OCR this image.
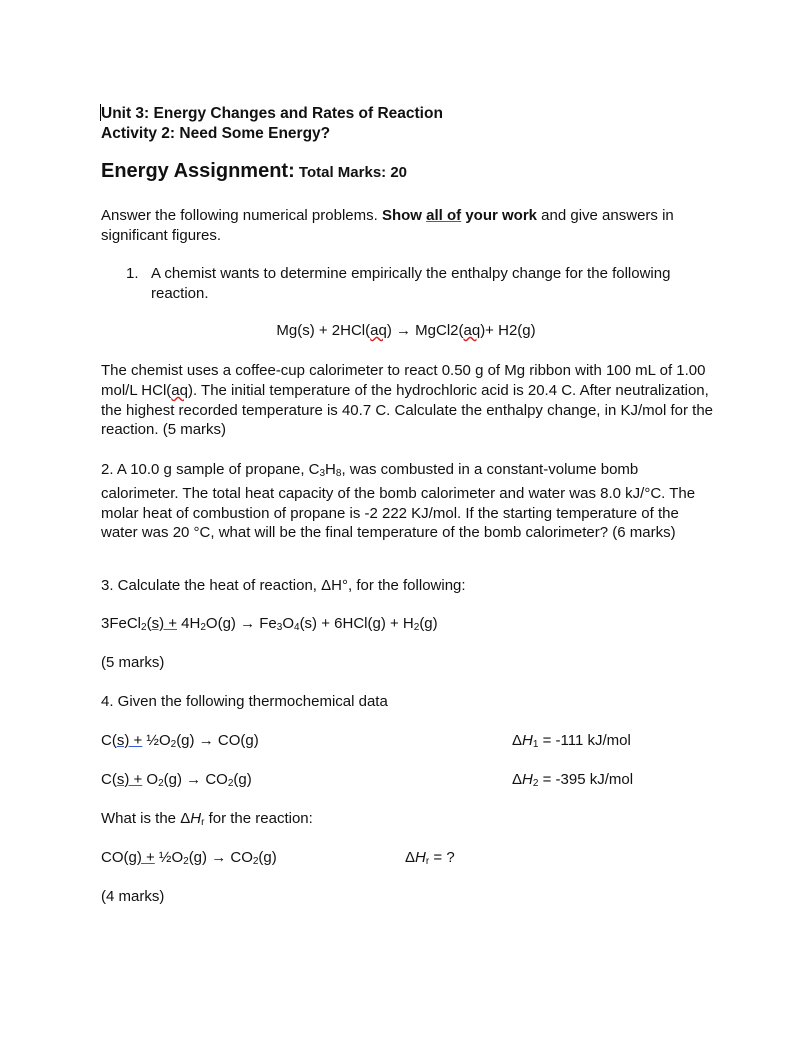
Unit 3: Energy Changes and Rates of Reaction
Activity 2: Need Some Energy?
Energy Assignment: Total Marks: 20
Answer the following numerical problems. Show all of your work and give answers in significant figures.
1. A chemist wants to determine empirically the enthalpy change for the following reaction.
Mg(s) + 2HCl(aq) → MgCl2(aq)+ H2(g)
The chemist uses a coffee-cup calorimeter to react 0.50 g of Mg ribbon with 100 mL of 1.00 mol/L HCl(aq). The initial temperature of the hydrochloric acid is 20.4 C. After neutralization, the highest recorded temperature is 40.7 C. Calculate the enthalpy change, in KJ/mol for the reaction. (5 marks)
2. A 10.0 g sample of propane, $C_3H_8$, was combusted in a constant-volume bomb calorimeter. The total heat capacity of the bomb calorimeter and water was 8.0 kJ/°C. The molar heat of combustion of propane is -2 222 KJ/mol. If the starting temperature of the water was 20 °C, what will be the final temperature of the bomb calorimeter? (6 marks)
3. Calculate the heat of reaction, ΔH°, for the following:
3FeCl$_2$(s) + $4H_2O(g) \to Fe_3O_4(s) + 6HCl(g) + H_2(g)$
(5 marks)
4. Given the following thermochemical data
$C(s) + \frac{1}{2}O_2(g) \to CO(g)$	$\Delta H_1 = -111$ kJ/mol
$C(s) + O_2(g) \to CO_2(g)$	$\Delta H_2 = -395$ kJ/mol
What is the $\Delta H_r$ for the reaction:
$CO(g) + \frac{1}{2}O_2(g) \to CO_2(g)$	$\Delta H_r$ = ?
(4 marks)
